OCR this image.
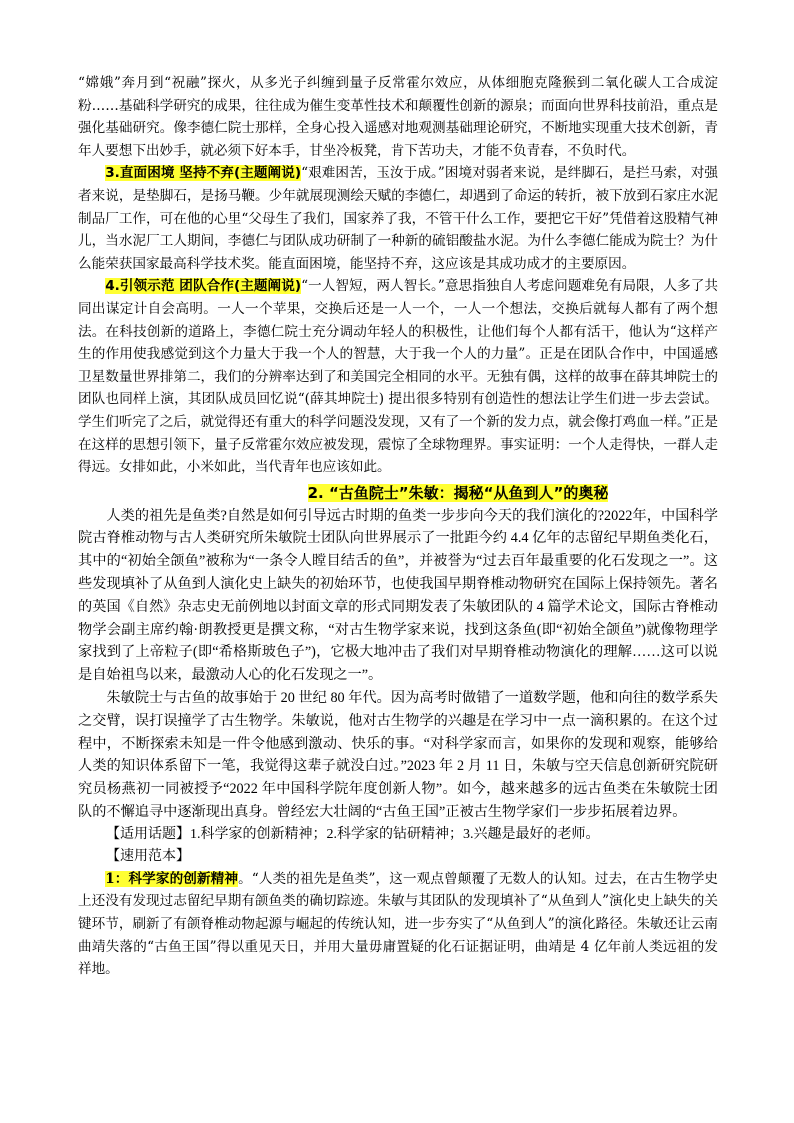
“嫦娥”奔月到“祝融”探火，从多光子纠缠到量子反常霍尔效应，从体细胞克隆猴到二氧化碳人工合成淀粉……基础科学研究的成果，往往成为催生变革性技术和颠覆性创新的源泉；而面向世界科技前沿，重点是强化基础研究。像李德仁院士那样，全身心投入遥感对地观测基础理论研究，不断地实现重大技术创新，青年人要想下出妙手，就必须下好本手，甘坐冷板凳，肯下苦功夫，才能不负青春，不负时代。

3.直面困境 坚持不弃(主题阐说)“艰难困苦，玉汝于成。”困境对弱者来说，是绊脚石，是拦马索，对强者来说，是垫脚石，是扬马鞭。少年就展现测绘天赋的李德仁，却遇到了命运的转折，被下放到石家庄水泥制品厂工作，可在他的心里“父母生了我们，国家养了我，不管干什么工作，要把它干好”凭借着这股精气神儿，当水泥厂工人期间，李德仁与团队成功研制了一种新的硫铝酸盐水泥。为什么李德仁能成为院士？为什么能荣获国家最高科学技术奖。能直面困境，能坚持不弃，这应该是其成功成才的主要原因。

4.引领示范 团队合作(主题阐说)“一人智短，两人智长。”意思指独自人考虑问题难免有局限，人多了共同出谋定计自会高明。一人一个苹果，交换后还是一人一个，一人一个想法，交换后就每人都有了两个想法。在科技创新的道路上，李德仁院士充分调动年轻人的积极性，让他们每个人都有活干，他认为“这样产生的作用使我感觉到这个力量大于我一个人的智慧，大于我一个人的力量”。正是在团队合作中，中国遥感卫星数量世界排第二，我们的分辨率达到了和美国完全相同的水平。无独有偶，这样的故事在薛其坤院士的团队也同样上演，其团队成员回忆说“(薛其坤院士) 提出很多特别有创造性的想法让学生们进一步去尝试。学生们听完了之后，就觉得还有重大的科学问题没发现，又有了一个新的发力点，就会像打鸡血一样。”正是在这样的思想引领下，量子反常霍尔效应被发现，震惊了全球物理界。事实证明：一个人走得快，一群人走得远。女排如此，小米如此，当代青年也应该如此。

2. “古鱼院士”朱敏：揭秘“从鱼到人”的奥秘

人类的祖先是鱼类?自然是如何引导远古时期的鱼类一步步向今天的我们演化的?2022年，中国科学院古脊椎动物与古人类研究所朱敏院士团队向世界展示了一批距今约 4.4 亿年的志留纪早期鱼类化石，其中的“初始全颌鱼”被称为“一条令人瞠目结舌的鱼”，并被誉为“过去百年最重要的化石发现之一”。这些发现填补了从鱼到人演化史上缺失的初始环节，也使我国早期脊椎动物研究在国际上保持领先。著名的英国《自然》杂志史无前例地以封面文章的形式同期发表了朱敏团队的 4 篇学术论文，国际古脊椎动物学会副主席约翰·朗教授更是撰文称，“对古生物学家来说，找到这条鱼(即“初始全颌鱼”)就像物理学家找到了上帝粒子(即“希格斯玻色子”)，它极大地冲击了我们对早期脊椎动物演化的理解……这可以说是自始祖鸟以来，最激动人心的化石发现之一”。

朱敏院士与古鱼的故事始于 20 世纪 80 年代。因为高考时做错了一道数学题，他和向往的数学系失之交臂，误打误撞学了古生物学。朱敏说，他对古生物学的兴趣是在学习中一点一滴积累的。在这个过程中，不断探索未知是一件令他感到激动、快乐的事。“对科学家而言，如果你的发现和观察，能够给人类的知识体系留下一笔，我觉得这辈子就没白过。”2023 年 2 月 11 日，朱敏与空天信息创新研究院研究员杨燕初一同被授予“2022 年中国科学院年度创新人物”。如今，越来越多的远古鱼类在朱敏院士团队的不懈追寻中逐渐现出真身。曾经宏大壮阔的“古鱼王国”正被古生物学家们一步步拓展着边界。

【适用话题】1.科学家的创新精神；2.科学家的钻研精神；3.兴趣是最好的老师。

【速用范本】

1：科学家的创新精神。“人类的祖先是鱼类”，这一观点曾颠覆了无数人的认知。过去，在古生物学史上还没有发现过志留纪早期有颌鱼类的确切踪迹。朱敏与其团队的发现填补了“从鱼到人”演化史上缺失的关键环节，刷新了有颌脊椎动物起源与崛起的传统认知，进一步夯实了“从鱼到人”的演化路径。朱敏还让云南曲靖失落的“古鱼王国”得以重见天日，并用大量毋庸置疑的化石证据证明，曲靖是 4 亿年前人类远祖的发祥地。
